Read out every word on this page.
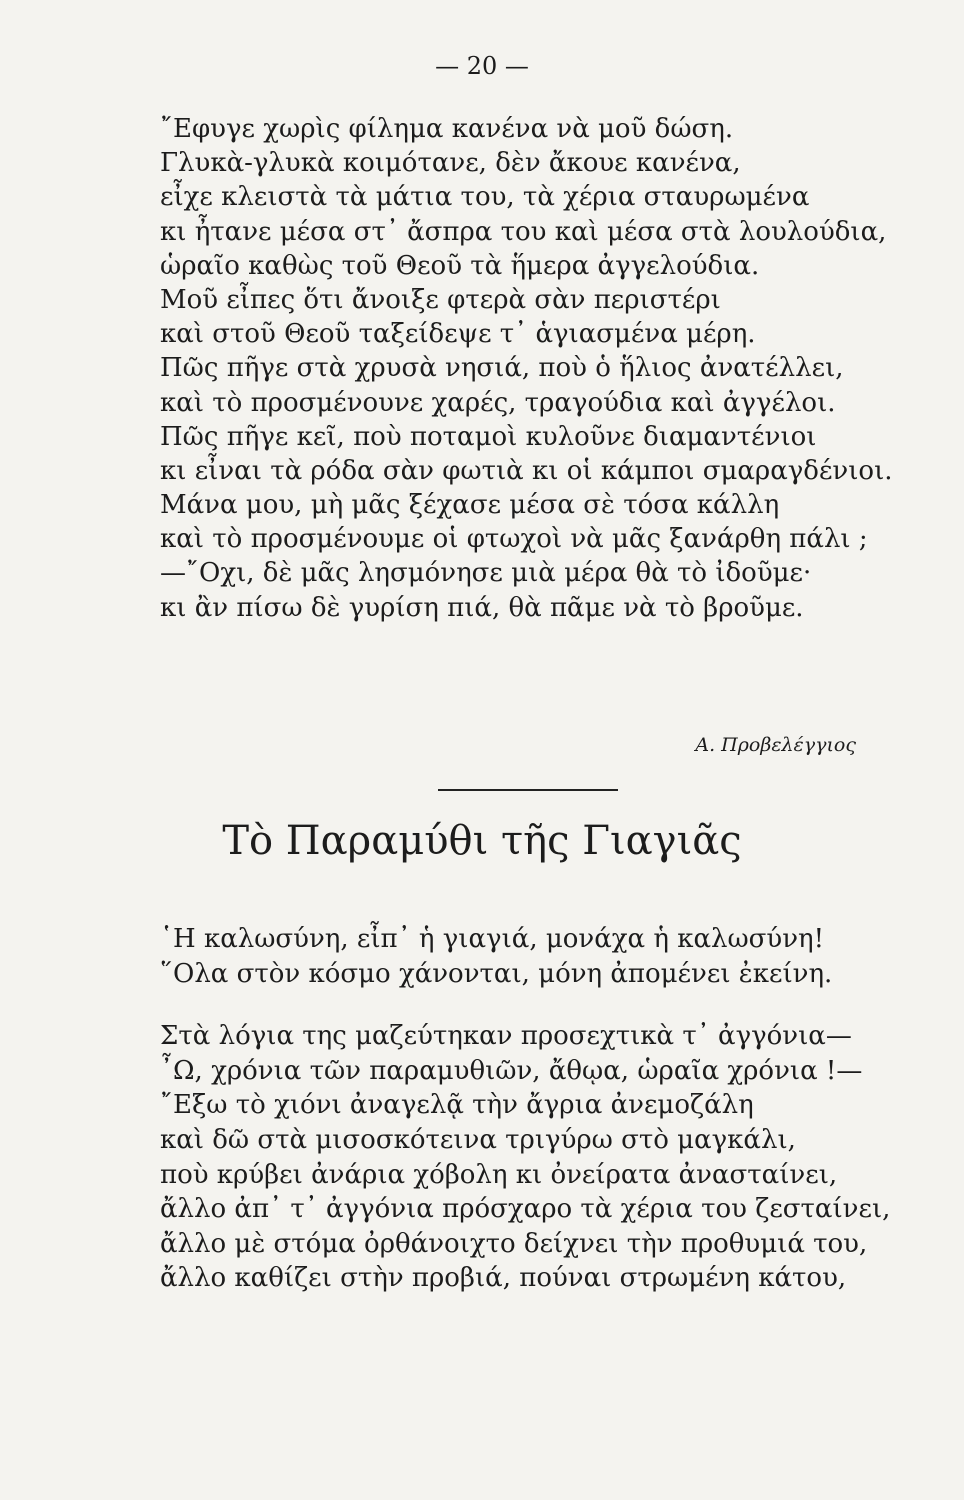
— 20 —
῎Εφυγε χωρὶς φίλημα κανένα νὰ μοῦ δώση.
Γλυκὰ-γλυκὰ κοιμότανε, δὲν ἄκουε κανένα,
εἶχε κλειστὰ τὰ μάτια του, τὰ χέρια σταυρωμένα
κι ἦτανε μέσα στ᾽ ἄσπρα του καὶ μέσα στὰ λουλούδια,
ὡραῖο καθὼς τοῦ Θεοῦ τὰ ἥμερα ἀγγελούδια.
Μοῦ εἶπες ὅτι ἄνοιξε φτερὰ σὰν περιστέρι
καὶ στοῦ Θεοῦ ταξείδεψε τ᾽ ἁγιασμένα μέρη.
Πῶς πῆγε στὰ χρυσὰ νησιά, ποὺ ὁ ἥλιος ἀνατέλλει,
καὶ τὸ προσμένουνε χαρές, τραγούδια καὶ ἀγγέλοι.
Πῶς πῆγε κεῖ, ποὺ ποταμοὶ κυλοῦνε διαμαντένιοι
κι εἶναι τὰ ρόδα σὰν φωτιὰ κι οἱ κάμποι σμαραγδένιοι.
Μάνα μου, μὴ μᾶς ξέχασε μέσα σὲ τόσα κάλλη
καὶ τὸ προσμένουμε οἱ φτωχοὶ νὰ μᾶς ξανάρθη πάλι ;
—῎Οχι, δὲ μᾶς λησμόνησε μιὰ μέρα θὰ τὸ ἰδοῦμε·
κι ἂν πίσω δὲ γυρίση πιά, θὰ πᾶμε νὰ τὸ βροῦμε.
Α. Προβελέγγιος
Τὸ Παραμύθι τῆς Γιαγιᾶς
῾Η καλωσύνη, εἶπ᾽ ἡ γιαγιά, μονάχα ἡ καλωσύνη!
῞Ολα στὸν κόσμο χάνονται, μόνη ἀπομένει ἐκείνη.
Στὰ λόγια της μαζεύτηκαν προσεχτικὰ τ᾽ ἀγγόνια—
῏Ω, χρόνια τῶν παραμυθιῶν, ἄθῳα, ὡραῖα χρόνια !—
῎Εξω τὸ χιόνι ἀναγελᾷ τὴν ἄγρια ἀνεμοζάλη
καὶ δῶ στὰ μισοσκότεινα τριγύρω στὸ μαγκάλι,
ποὺ κρύβει ἀνάρια χόβολη κι ὀνείρατα ἀνασταίνει,
ἄλλο ἀπ᾽ τ᾽ ἀγγόνια πρόσχαρο τὰ χέρια του ζεσταίνει,
ἄλλο μὲ στόμα ὀρθάνοιχτο δείχνει τὴν προθυμιά του,
ἄλλο καθίζει στὴν προβιά, πούναι στρωμένη κάτου,
